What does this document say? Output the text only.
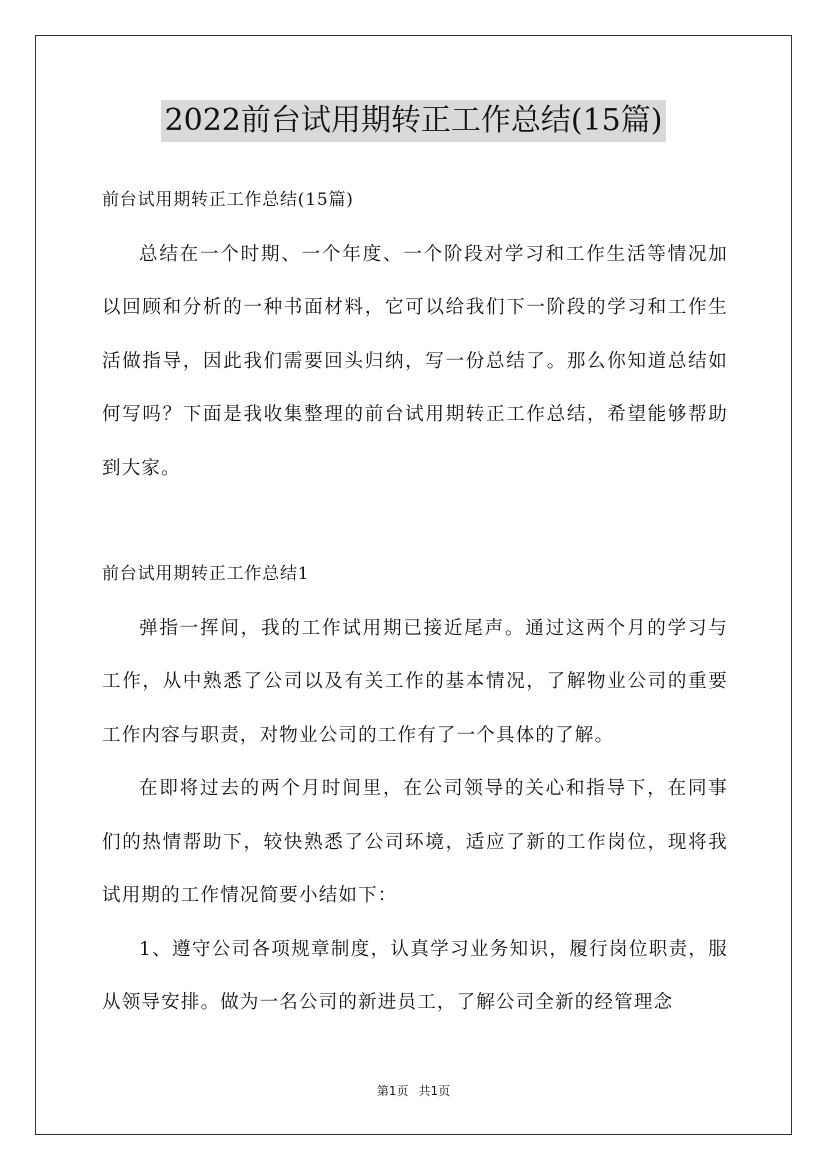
2022前台试用期转正工作总结(15篇)

前台试用期转正工作总结(15篇)

总结在一个时期、一个年度、一个阶段对学习和工作生活等情况加以回顾和分析的一种书面材料，它可以给我们下一阶段的学习和工作生活做指导，因此我们需要回头归纳，写一份总结了。那么你知道总结如何写吗？下面是我收集整理的前台试用期转正工作总结，希望能够帮助到大家。

前台试用期转正工作总结1

弹指一挥间，我的工作试用期已接近尾声。通过这两个月的学习与工作，从中熟悉了公司以及有关工作的基本情况，了解物业公司的重要工作内容与职责，对物业公司的工作有了一个具体的了解。

在即将过去的两个月时间里，在公司领导的关心和指导下，在同事们的热情帮助下，较快熟悉了公司环境，适应了新的工作岗位，现将我试用期的工作情况简要小结如下：

1、遵守公司各项规章制度，认真学习业务知识，履行岗位职责，服从领导安排。做为一名公司的新进员工，了解公司全新的经管理念

第1页 共1页
